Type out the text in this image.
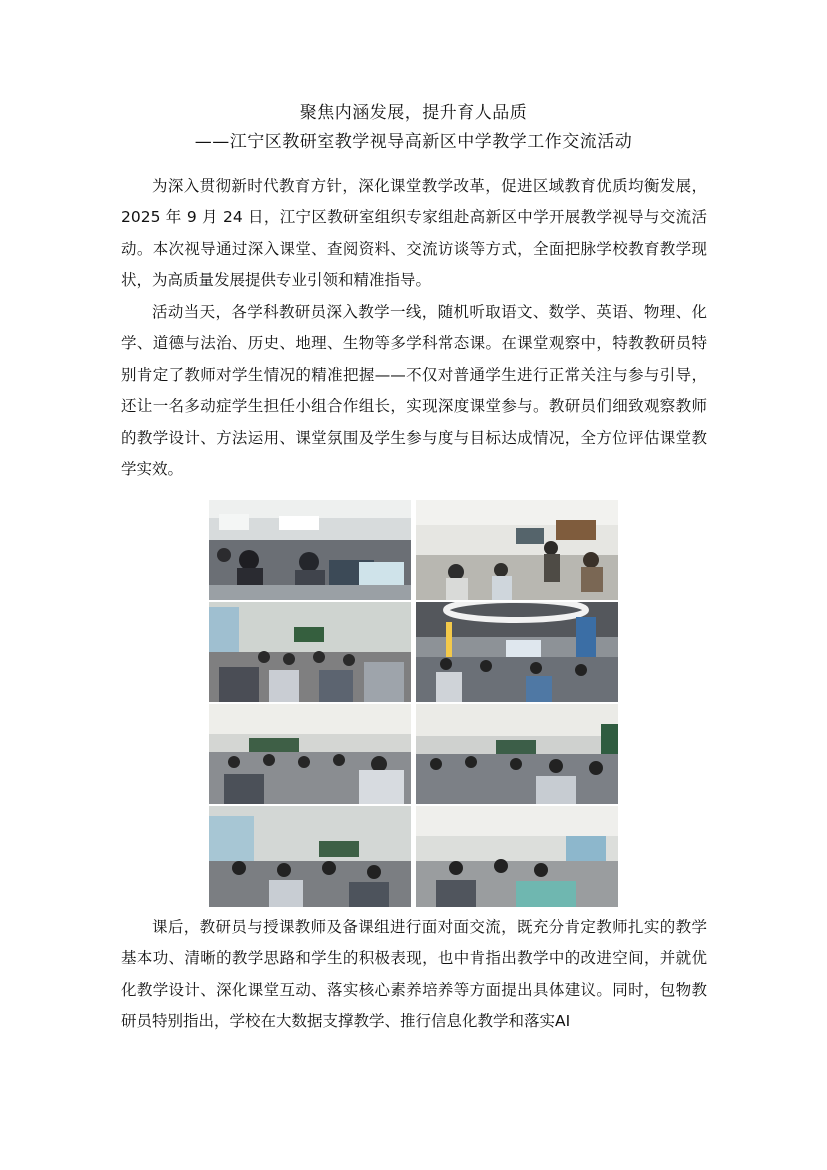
聚焦内涵发展，提升育人品质
——江宁区教研室教学视导高新区中学教学工作交流活动

为深入贯彻新时代教育方针，深化课堂教学改革，促进区域教育优质均衡发展，2025 年 9 月 24 日，江宁区教研室组织专家组赴高新区中学开展教学视导与交流活动。本次视导通过深入课堂、查阅资料、交流访谈等方式，全面把脉学校教育教学现状，为高质量发展提供专业引领和精准指导。

活动当天，各学科教研员深入教学一线，随机听取语文、数学、英语、物理、化学、道德与法治、历史、地理、生物等多学科常态课。在课堂观察中，特教教研员特别肯定了教师对学生情况的精准把握——不仅对普通学生进行正常关注与参与引导，还让一名多动症学生担任小组合作组长，实现深度课堂参与。教研员们细致观察教师的教学设计、方法运用、课堂氛围及学生参与度与目标达成情况，全方位评估课堂教学实效。

课后，教研员与授课教师及备课组进行面对面交流，既充分肯定教师扎实的教学基本功、清晰的教学思路和学生的积极表现，也中肯指出教学中的改进空间，并就优化教学设计、深化课堂互动、落实核心素养培养等方面提出具体建议。同时，包物教研员特别指出，学校在大数据支撑教学、推行信息化教学和落实AI
